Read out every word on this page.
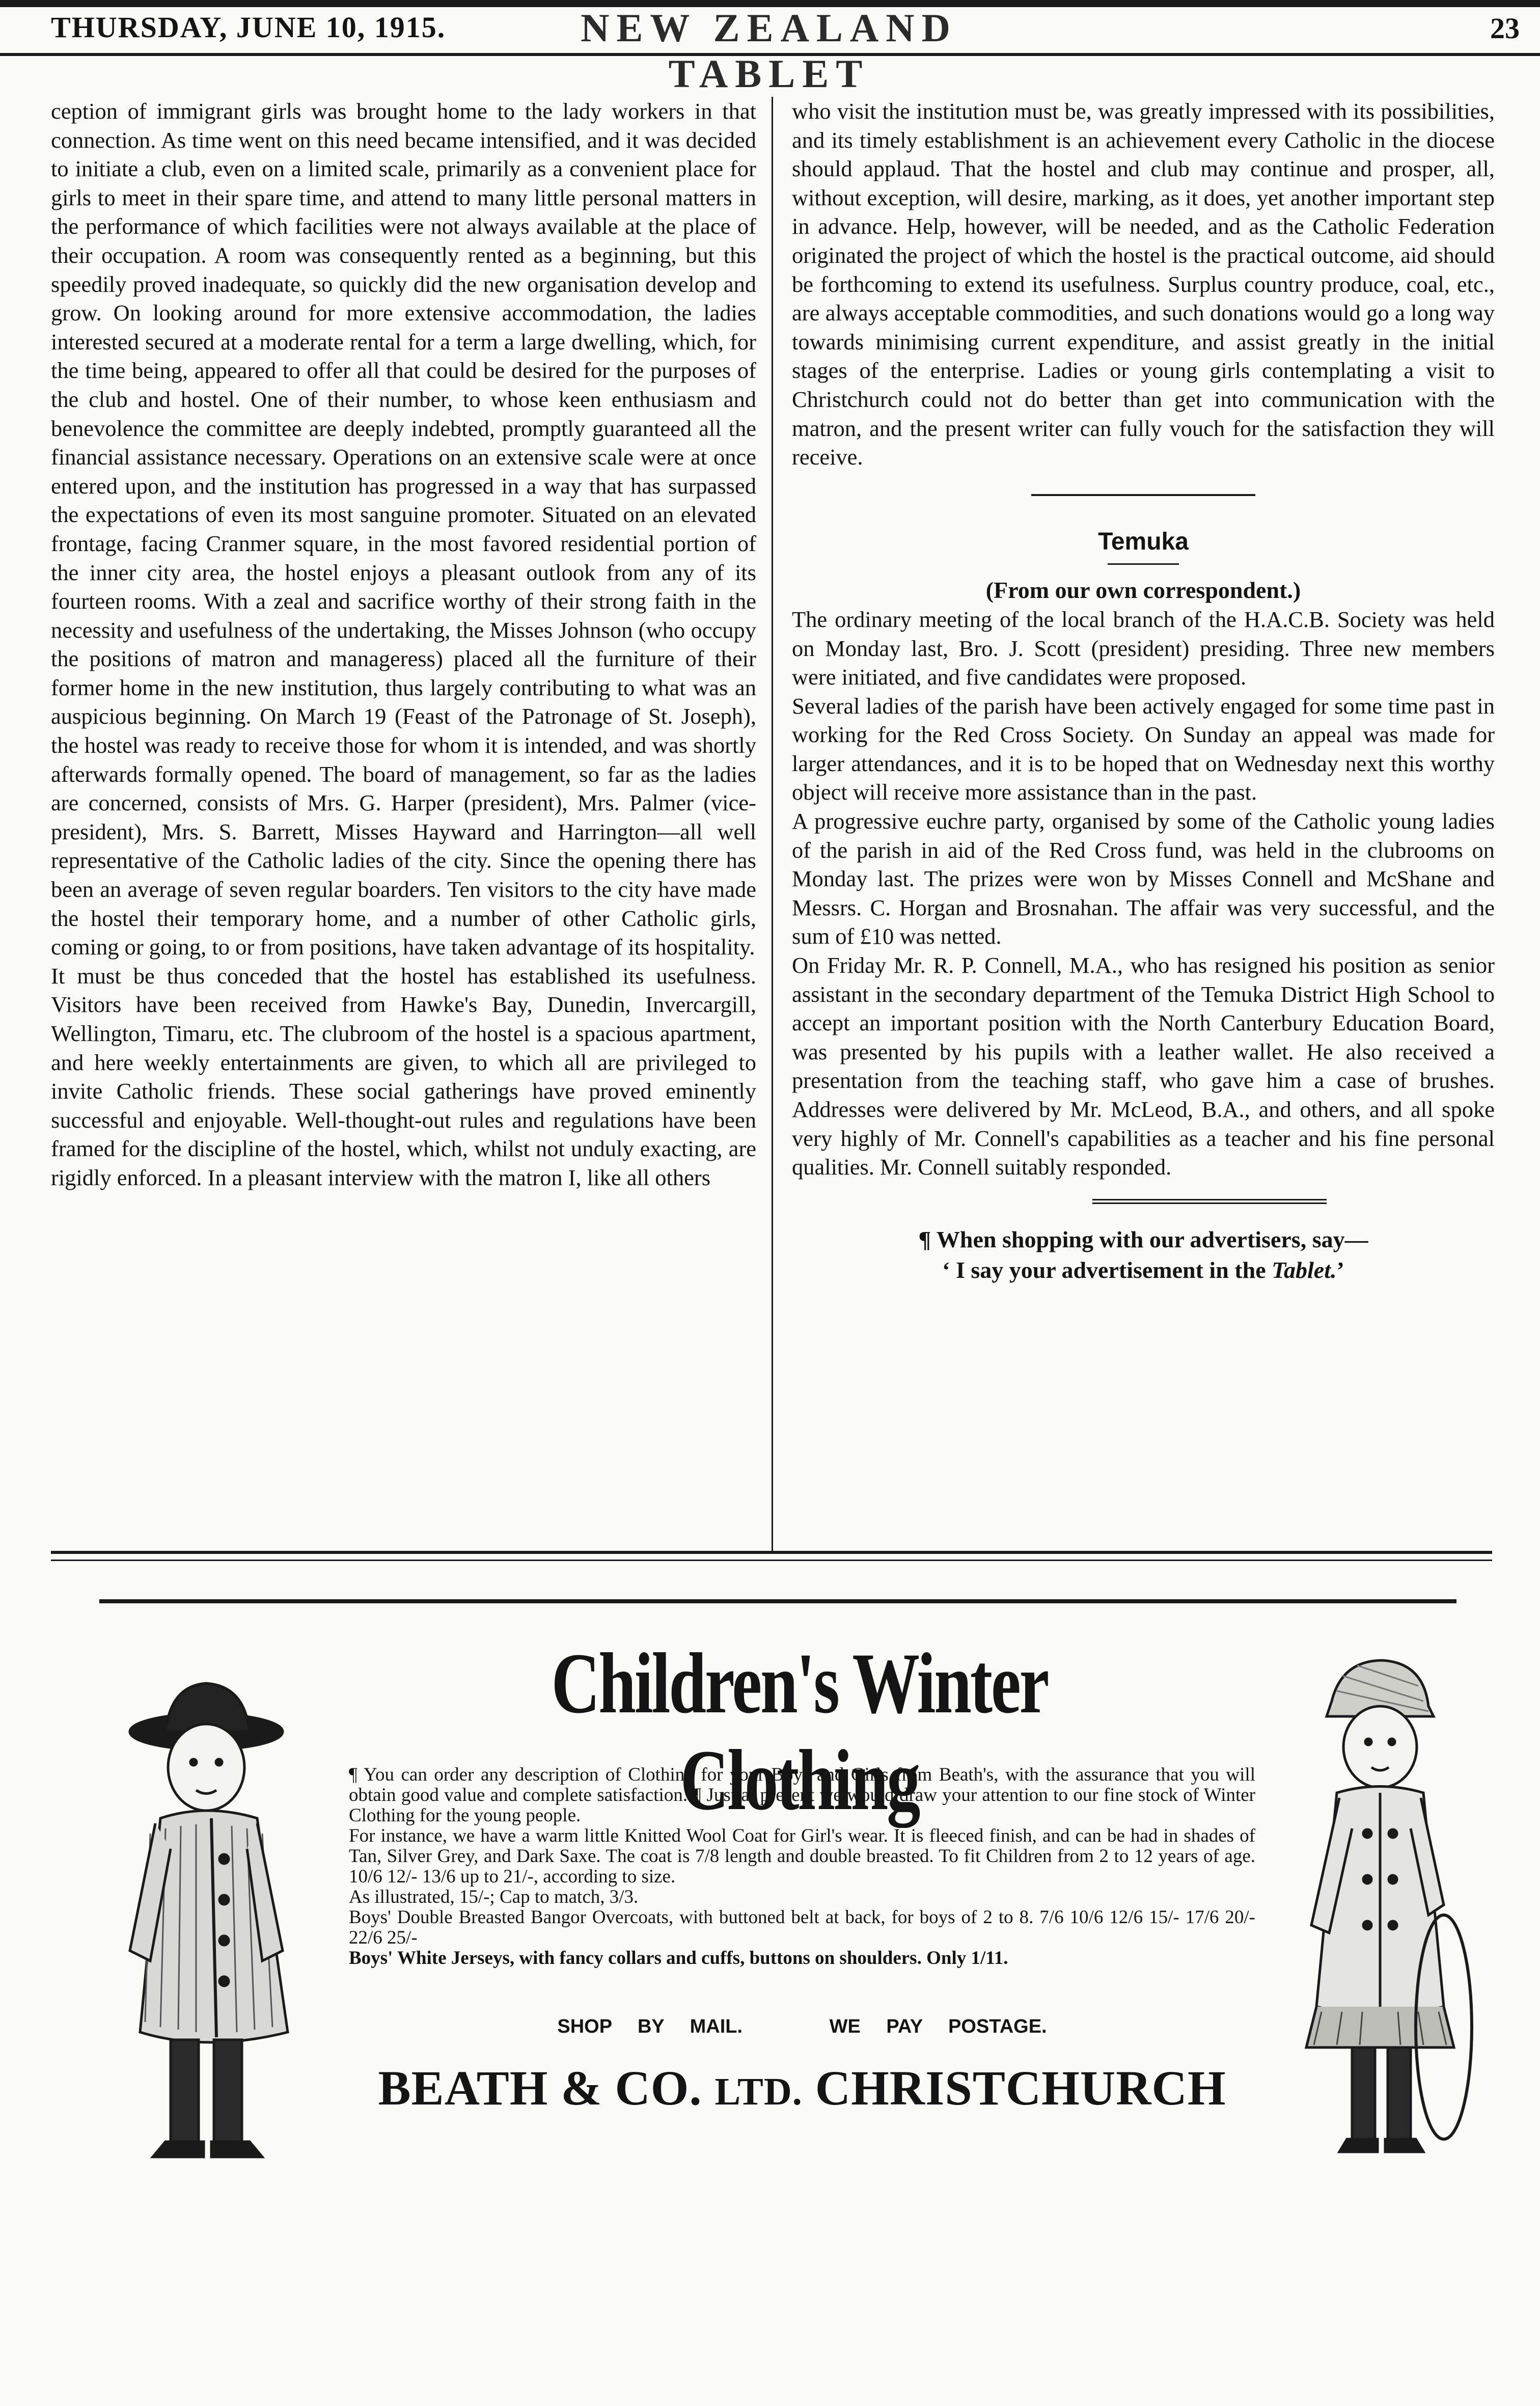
THURSDAY, JUNE 10, 1915.	NEW ZEALAND TABLET
23

ception of immigrant girls was brought home to the lady workers in that connection. As time went on this need became intensified, and it was decided to initiate a club, even on a limited scale, primarily as a convenient place for girls to meet in their spare time, and attend to many little personal matters in the performance of which facilities were not always available at the place of their occupation. A room was consequently rented as a beginning, but this speedily proved inadequate, so quickly did the new organisation develop and grow. On looking around for more extensive accommodation, the ladies interested secured at a moderate rental for a term a large dwelling, which, for the time being, appeared to offer all that could be desired for the purposes of the club and hostel. One of their number, to whose keen enthusiasm and benevolence the committee are deeply indebted, promptly guaranteed all the financial assistance necessary. Operations on an extensive scale were at once entered upon, and the institution has progressed in a way that has surpassed the expectations of even its most sanguine promoter. Situated on an elevated frontage, facing Cranmer square, in the most favored residential portion of the inner city area, the hostel enjoys a pleasant outlook from any of its fourteen rooms. With a zeal and sacrifice worthy of their strong faith in the necessity and usefulness of the undertaking, the Misses Johnson (who occupy the positions of matron and manageress) placed all the furniture of their former home in the new institution, thus largely contributing to what was an auspicious beginning. On March 19 (Feast of the Patronage of St. Joseph), the hostel was ready to receive those for whom it is intended, and was shortly afterwards formally opened. The board of management, so far as the ladies are concerned, consists of Mrs. G. Harper (president), Mrs. Palmer (vice-president), Mrs. S. Barrett, Misses Hayward and Harrington—all well representative of the Catholic ladies of the city. Since the opening there has been an average of seven regular boarders. Ten visitors to the city have made the hostel their temporary home, and a number of other Catholic girls, coming or going, to or from positions, have taken advantage of its hospitality.

It must be thus conceded that the hostel has established its usefulness. Visitors have been received from Hawke's Bay, Dunedin, Invercargill, Wellington, Timaru, etc. The clubroom of the hostel is a spacious apartment, and here weekly entertainments are given, to which all are privileged to invite Catholic friends. These social gatherings have proved eminently successful and enjoyable. Well-thought-out rules and regulations have been framed for the discipline of the hostel, which, whilst not unduly exacting, are rigidly enforced. In a pleasant interview with the matron I, like all others

who visit the institution must be, was greatly impressed with its possibilities, and its timely establishment is an achievement every Catholic in the diocese should applaud. That the hostel and club may continue and prosper, all, without exception, will desire, marking, as it does, yet another important step in advance. Help, however, will be needed, and as the Catholic Federation originated the project of which the hostel is the practical outcome, aid should be forthcoming to extend its usefulness. Surplus country produce, coal, etc., are always acceptable commodities, and such donations would go a long way towards minimising current expenditure, and assist greatly in the initial stages of the enterprise. Ladies or young girls contemplating a visit to Christchurch could not do better than get into communication with the matron, and the present writer can fully vouch for the satisfaction they will receive.

Temuka
(From our own correspondent.)

The ordinary meeting of the local branch of the H.A.C.B. Society was held on Monday last, Bro. J. Scott (president) presiding. Three new members were initiated, and five candidates were proposed.

Several ladies of the parish have been actively engaged for some time past in working for the Red Cross Society. On Sunday an appeal was made for larger attendances, and it is to be hoped that on Wednesday next this worthy object will receive more assistance than in the past.

A progressive euchre party, organised by some of the Catholic young ladies of the parish in aid of the Red Cross fund, was held in the clubrooms on Monday last. The prizes were won by Misses Connell and McShane and Messrs. C. Horgan and Brosnahan. The affair was very successful, and the sum of £10 was netted.

On Friday Mr. R. P. Connell, M.A., who has resigned his position as senior assistant in the secondary department of the Temuka District High School to accept an important position with the North Canterbury Education Board, was presented by his pupils with a leather wallet. He also received a presentation from the teaching staff, who gave him a case of brushes. Addresses were delivered by Mr. McLeod, B.A., and others, and all spoke very highly of Mr. Connell's capabilities as a teacher and his fine personal qualities. Mr. Connell suitably responded.

¶ When shopping with our advertisers, say—
‘ I say your advertisement in the Tablet.’
Children's Winter Clothing
¶ You can order any description of Clothing for your Boys and Girls from Beath's, with the assurance that you will obtain good value and complete satisfaction. ¶ Just at present we would draw your attention to our fine stock of Winter Clothing for the young people.
For instance, we have a warm little Knitted Wool Coat for Girl's wear. It is fleeced finish, and can be had in shades of Tan, Silver Grey, and Dark Saxe. The coat is 7/8 length and double breasted. To fit Children from 2 to 12 years of age. 10/6 12/- 13/6 up to 21/-, according to size.
As illustrated, 15/-; Cap to match, 3/3.
Boys' Double Breasted Bangor Overcoats, with buttoned belt at back, for boys of 2 to 8. 7/6 10/6 12/6 15/- 17/6 20/- 22/6 25/-
Boys' White Jerseys, with fancy collars and cuffs, buttons on shoulders. Only 1/11.
SHOP BY MAIL.	WE PAY POSTAGE.
BEATH & CO. LTD. CHRISTCHURCH
